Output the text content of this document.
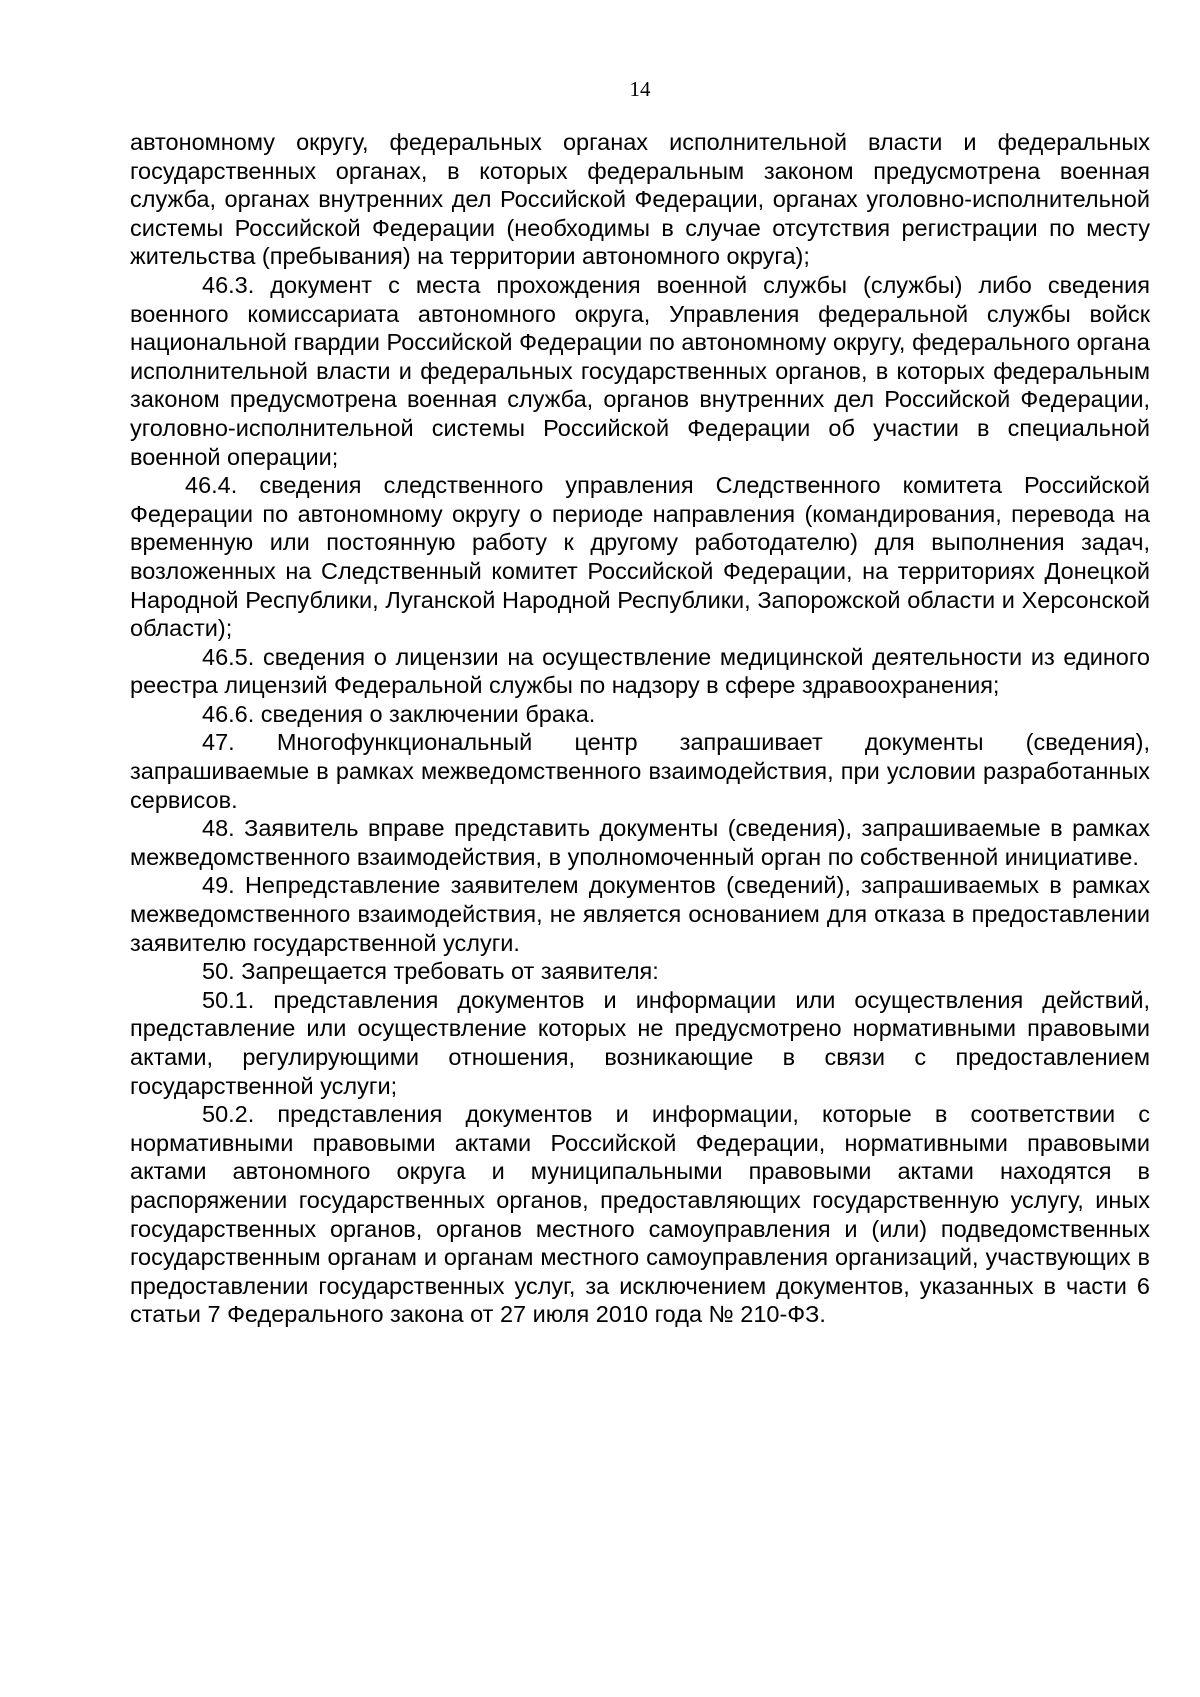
14

автономному округу, федеральных органах исполнительной власти и федеральных государственных органах, в которых федеральным законом предусмотрена военная служба, органах внутренних дел Российской Федерации, органах уголовно-исполнительной системы Российской Федерации (необходимы в случае отсутствия регистрации по месту жительства (пребывания) на территории автономного округа);

46.3. документ с места прохождения военной службы (службы) либо сведения военного комиссариата автономного округа, Управления федеральной службы войск национальной гвардии Российской Федерации по автономному округу, федерального органа исполнительной власти и федеральных государственных органов, в которых федеральным законом предусмотрена военная служба, органов внутренних дел Российской Федерации, уголовно-исполнительной системы Российской Федерации об участии в специальной военной операции;

46.4. сведения следственного управления Следственного комитета Российской Федерации по автономному округу о периоде направления (командирования, перевода на временную или постоянную работу к другому работодателю) для выполнения задач, возложенных на Следственный комитет Российской Федерации, на территориях Донецкой Народной Республики, Луганской Народной Республики, Запорожской области и Херсонской области);

46.5. сведения о лицензии на осуществление медицинской деятельности из единого реестра лицензий Федеральной службы по надзору в сфере здравоохранения;

46.6. сведения о заключении брака.

47. Многофункциональный центр запрашивает документы (сведения), запрашиваемые в рамках межведомственного взаимодействия, при условии разработанных сервисов.

48. Заявитель вправе представить документы (сведения), запрашиваемые в рамках межведомственного взаимодействия, в уполномоченный орган по собственной инициативе.

49. Непредставление заявителем документов (сведений), запрашиваемых в рамках межведомственного взаимодействия, не является основанием для отказа в предоставлении заявителю государственной услуги.

50. Запрещается требовать от заявителя:

50.1. представления документов и информации или осуществления действий, представление или осуществление которых не предусмотрено нормативными правовыми актами, регулирующими отношения, возникающие в связи с предоставлением государственной услуги;

50.2. представления документов и информации, которые в соответствии с нормативными правовыми актами Российской Федерации, нормативными правовыми актами автономного округа и муниципальными правовыми актами находятся в распоряжении государственных органов, предоставляющих государственную услугу, иных государственных органов, органов местного самоуправления и (или) подведомственных государственным органам и органам местного самоуправления организаций, участвующих в предоставлении государственных услуг, за исключением документов, указанных в части 6 статьи 7 Федерального закона от 27 июля 2010 года № 210-ФЗ.
